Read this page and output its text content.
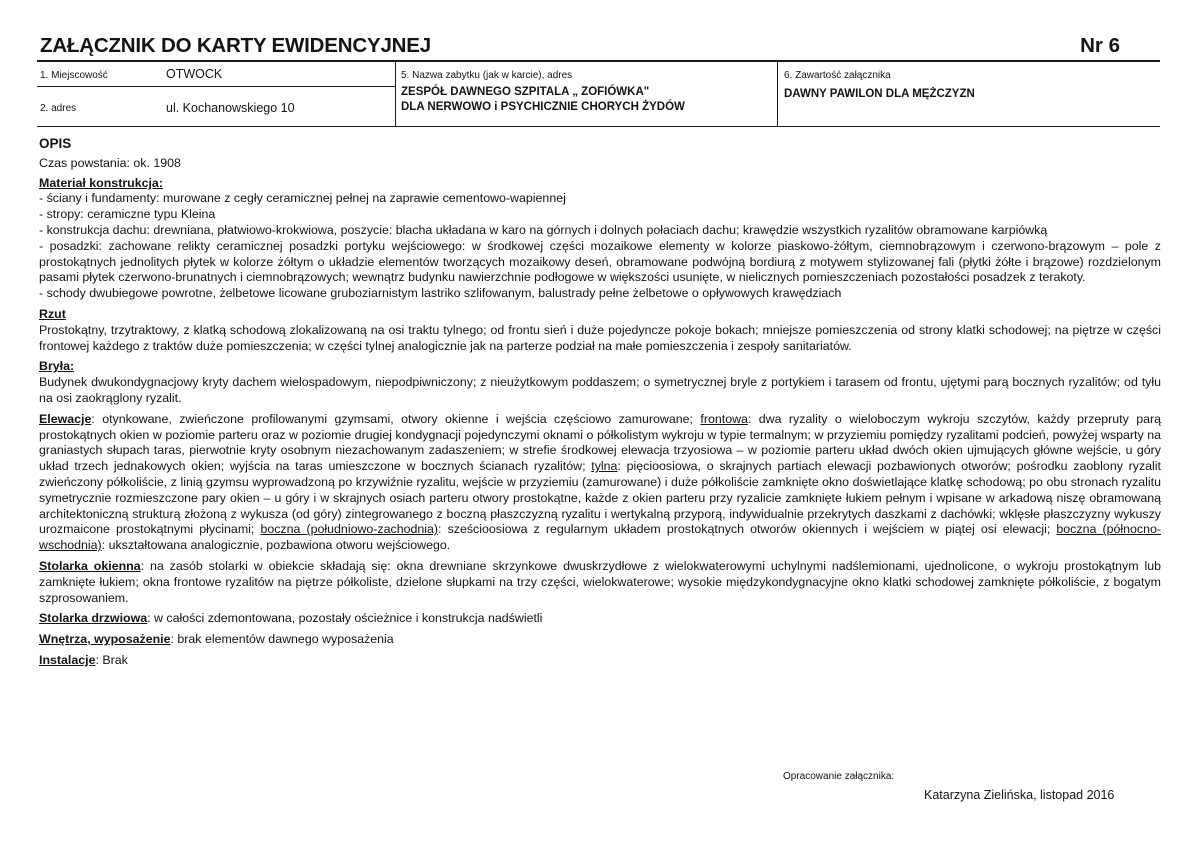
ZAŁĄCZNIK DO KARTY EWIDENCYJNEJ	Nr 6
1. Miejscowość	OTWOCK
2. adres	ul. Kochanowskiego 10
5. Nazwa zabytku (jak w karcie), adres
ZESPÓŁ DAWNEGO SZPITALA „ ZOFIÓWKA"
DLA NERWOWO i PSYCHICZNIE CHORYCH ŻYDÓW
6. Zawartość załącznika
DAWNY PAWILON DLA MĘŻCZYZN

OPIS

Czas powstania: ok. 1908

Materiał konstrukcja:

- ściany i fundamenty: murowane z cegły ceramicznej pełnej na zaprawie cementowo-wapiennej

- stropy: ceramiczne typu Kleina

- konstrukcja dachu: drewniana, płatwiowo-krokwiowa, poszycie: blacha układana w karo na górnych i dolnych połaciach dachu; krawędzie wszystkich ryzalitów obramowane karpiówką

- posadzki: zachowane relikty ceramicznej posadzki portyku wejściowego: w środkowej części mozaikowe elementy w kolorze piaskowo-żółtym, ciemnobrązowym i czerwono-brązowym – pole z prostokątnych jednolitych płytek w kolorze żółtym o układzie elementów tworzących mozaikowy deseń, obramowane podwójną bordiurą z motywem stylizowanej fali (płytki żółte i brązowe) rozdzielonym pasami płytek czerwono-brunatnych i ciemnobrązowych; wewnątrz budynku nawierzchnie podłogowe w większości usunięte, w nielicznych pomieszczeniach pozostałości posadzek z terakoty.

- schody dwubiegowe powrotne, żelbetowe licowane gruboziarnistym lastriko szlifowanym, balustrady pełne żelbetowe o opływowych krawędziach

Rzut

Prostokątny, trzytraktowy, z klatką schodową zlokalizowaną na osi traktu tylnego; od frontu sień i duże pojedyncze pokoje bokach; mniejsze pomieszczenia od strony klatki schodowej; na piętrze w części frontowej każdego z traktów duże pomieszczenia; w części tylnej analogicznie jak na parterze podział na małe pomieszczenia i zespoły sanitariatów.

Bryła:

Budynek dwukondygnacjowy kryty dachem wielospadowym, niepodpiwniczony; z nieużytkowym poddaszem; o symetrycznej bryle z portykiem i tarasem od frontu, ujętymi parą bocznych ryzalitów; od tyłu na osi zaokrąglony ryzalit.

Elewacje: otynkowane, zwieńczone profilowanymi gzymsami, otwory okienne i wejścia częściowo zamurowane; frontowa: dwa ryzality o wieloboczym wykroju szczytów, każdy przepruty parą prostokątnych okien w poziomie parteru oraz w poziomie drugiej kondygnacji pojedynczymi oknami o półkolistym wykroju w typie termalnym; w przyziemiu pomiędzy ryzalitami podcień, powyżej wsparty na graniastych słupach taras, pierwotnie kryty osobnym niezachowanym zadaszeniem; w strefie środkowej elewacja trzyosiowa – w poziomie parteru układ dwóch okien ujmujących główne wejście, u góry układ trzech jednakowych okien; wyjścia na taras umieszczone w bocznych ścianach ryzalitów; tylna: pięcioosiowa, o skrajnych partiach elewacji pozbawionych otworów; pośrodku zaoblony ryzalit zwieńczony półkoliście, z linią gzymsu wyprowadzoną po krzywiźnie ryzalitu, wejście w przyziemiu (zamurowane) i duże półkoliście zamknięte okno doświetlające klatkę schodową; po obu stronach ryzalitu symetrycznie rozmieszczone pary okien – u góry i w skrajnych osiach parteru otwory prostokątne, każde z okien parteru przy ryzalicie zamknięte łukiem pełnym i wpisane w arkadową niszę obramowaną architektoniczną strukturą złożoną z wykusza (od góry) zintegrowanego z boczną płaszczyzną ryzalitu i wertykalną przyporą, indywidualnie przekrytych daszkami z dachówki; wklęsłe płaszczyzny wykuszy urozmaicone prostokątnymi płycinami; boczna (południowo-zachodnia): sześcioosiowa z regularnym układem prostokątnych otworów okiennych i wejściem w piątej osi elewacji; boczna (północno-wschodnia): ukształtowana analogicznie, pozbawiona otworu wejściowego.

Stolarka okienna: na zasób stolarki w obiekcie składają się: okna drewniane skrzynkowe dwuskrzydłowe z wielokwaterowymi uchylnymi nadślemionami, ujednolicone, o wykroju prostokątnym lub zamknięte łukiem; okna frontowe ryzalitów na piętrze półkoliste, dzielone słupkami na trzy części, wielokwaterowe; wysokie międzykondygnacyjne okno klatki schodowej zamknięte półkoliście, z bogatym szprosowaniem.

Stolarka drzwiowa: w całości zdemontowana, pozostały ościeżnice i konstrukcja nadświetli

Wnętrza, wyposażenie: brak elementów dawnego wyposażenia

Instalacje: Brak

Opracowanie załącznika:
Katarzyna Zielińska, listopad 2016
